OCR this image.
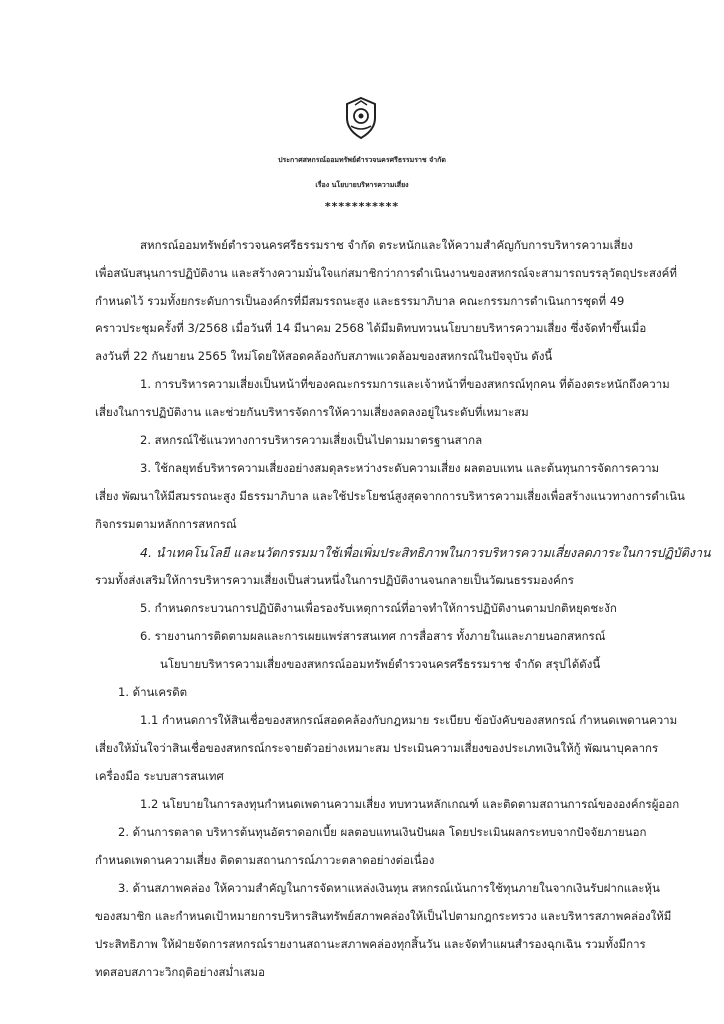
ประกาศสหกรณ์ออมทรัพย์ตำรวจนครศรีธรรมราช จำกัด
เรื่อง นโยบายบริหารความเสี่ยง
***********
สหกรณ์ออมทรัพย์ตำรวจนครศรีธรรมราช จำกัด ตระหนักและให้ความสำคัญกับการบริหารความเสี่ยง
เพื่อสนับสนุนการปฏิบัติงาน และสร้างความมั่นใจแก่สมาชิกว่าการดำเนินงานของสหกรณ์จะสามารถบรรลุวัตถุประสงค์ที่
กำหนดไว้ รวมทั้งยกระดับการเป็นองค์กรที่มีสมรรถนะสูง และธรรมาภิบาล คณะกรรมการดำเนินการชุดที่ 49
คราวประชุมครั้งที่ 3/2568 เมื่อวันที่ 14 มีนาคม 2568 ได้มีมติทบทวนนโยบายบริหารความเสี่ยง ซึ่งจัดทำขึ้นเมื่อ
ลงวันที่ 22 กันยายน 2565 ใหม่โดยให้สอดคล้องกับสภาพแวดล้อมของสหกรณ์ในปัจจุบัน ดังนี้
1. การบริหารความเสี่ยงเป็นหน้าที่ของคณะกรรมการและเจ้าหน้าที่ของสหกรณ์ทุกคน ที่ต้องตระหนักถึงความ
เสี่ยงในการปฏิบัติงาน และช่วยกันบริหารจัดการให้ความเสี่ยงลดลงอยู่ในระดับที่เหมาะสม
2. สหกรณ์ใช้แนวทางการบริหารความเสี่ยงเป็นไปตามมาตรฐานสากล
3. ใช้กลยุทธ์บริหารความเสี่ยงอย่างสมดุลระหว่างระดับความเสี่ยง ผลตอบแทน และต้นทุนการจัดการความ
เสี่ยง พัฒนาให้มีสมรรถนะสูง มีธรรมาภิบาล และใช้ประโยชน์สูงสุดจากการบริหารความเสี่ยงเพื่อสร้างแนวทางการดำเนิน
กิจกรรมตามหลักการสหกรณ์
4. นำเทคโนโลยี และนวัตกรรมมาใช้เพื่อเพิ่มประสิทธิภาพในการบริหารความเสี่ยงลดภาระในการปฏิบัติงาน
รวมทั้งส่งเสริมให้การบริหารความเสี่ยงเป็นส่วนหนึ่งในการปฏิบัติงานจนกลายเป็นวัฒนธรรมองค์กร
5. กำหนดกระบวนการปฏิบัติงานเพื่อรองรับเหตุการณ์ที่อาจทำให้การปฏิบัติงานตามปกติหยุดชะงัก
6. รายงานการติดตามผลและการเผยแพร่สารสนเทศ การสื่อสาร ทั้งภายในและภายนอกสหกรณ์
นโยบายบริหารความเสี่ยงของสหกรณ์ออมทรัพย์ตำรวจนครศรีธรรมราช จำกัด สรุปได้ดังนี้
1. ด้านเครดิต
1.1 กำหนดการให้สินเชื่อของสหกรณ์สอดคล้องกับกฎหมาย ระเบียบ ข้อบังคับของสหกรณ์ กำหนดเพดานความ
เสี่ยงให้มั่นใจว่าสินเชื่อของสหกรณ์กระจายตัวอย่างเหมาะสม ประเมินความเสี่ยงของประเภทเงินให้กู้ พัฒนาบุคลากร
เครื่องมือ ระบบสารสนเทศ
1.2 นโยบายในการลงทุนกำหนดเพดานความเสี่ยง ทบทวนหลักเกณฑ์ และติดตามสถานการณ์ขององค์กรผู้ออก
2. ด้านการตลาด บริหารต้นทุนอัตราดอกเบี้ย ผลตอบแทนเงินปันผล โดยประเมินผลกระทบจากปัจจัยภายนอก
กำหนดเพดานความเสี่ยง ติดตามสถานการณ์ภาวะตลาดอย่างต่อเนื่อง
3. ด้านสภาพคล่อง ให้ความสำคัญในการจัดหาแหล่งเงินทุน สหกรณ์เน้นการใช้ทุนภายในจากเงินรับฝากและหุ้น
ของสมาชิก และกำหนดเป้าหมายการบริหารสินทรัพย์สภาพคล่องให้เป็นไปตามกฎกระทรวง และบริหารสภาพคล่องให้มี
ประสิทธิภาพ ให้ฝ่ายจัดการสหกรณ์รายงานสถานะสภาพคล่องทุกสิ้นวัน และจัดทำแผนสำรองฉุกเฉิน รวมทั้งมีการ
ทดสอบสภาวะวิกฤติอย่างสม่ำเสมอ
